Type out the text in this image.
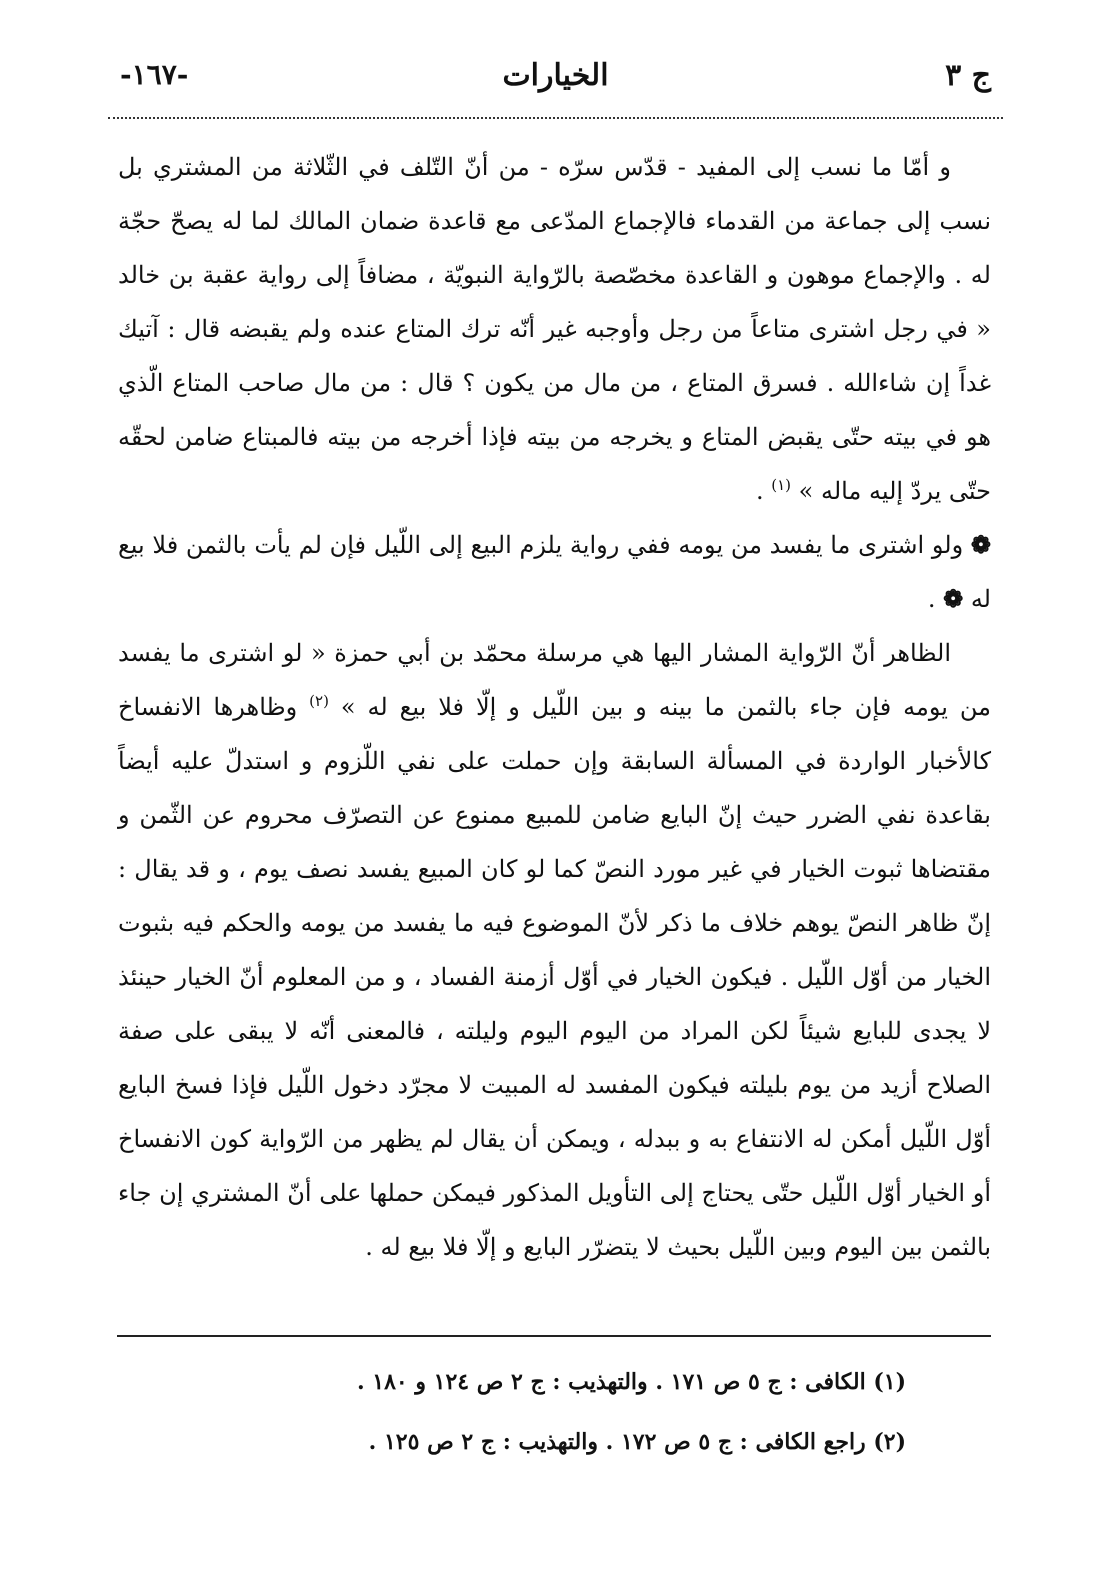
ج ٣
الخيارات
-١٦٧-

و أمّا ما نسب إلى المفيد - قدّس سرّه - من أنّ التّلف في الثّلاثة من المشتري بل نسب إلى جماعة من القدماء فالإجماع المدّعى مع قاعدة ضمان المالك لما له يصحّ حجّة له . والإجماع موهون و القاعدة مخصّصة بالرّواية النبويّة ، مضافاً إلى رواية عقبة بن خالد « في رجل اشترى متاعاً من رجل وأوجبه غير أنّه ترك المتاع عنده ولم يقبضه قال : آتيك غداً إن شاءالله . فسرق المتاع ، من مال من يكون ؟ قال : من مال صاحب المتاع الّذي هو في بيته حتّى يقبض المتاع و يخرجه من بيته فإذا أخرجه من بيته فالمبتاع ضامن لحقّه حتّى يردّ إليه ماله » $^{(١)}$ .

❁ ولو اشترى ما يفسد من يومه ففي رواية يلزم البيع إلى اللّيل فإن لم يأت بالثمن فلا بيع له ❁ .

الظاهر أنّ الرّواية المشار اليها هي مرسلة محمّد بن أبي حمزة « لو اشترى ما يفسد من يومه فإن جاء بالثمن ما بينه و بين اللّيل و إلّا فلا بيع له » $^{(٢)}$ وظاهرها الانفساخ كالأخبار الواردة في المسألة السابقة وإن حملت على نفي اللّزوم و استدلّ عليه أيضاً بقاعدة نفي الضرر حيث إنّ البايع ضامن للمبيع ممنوع عن التصرّف محروم عن الثّمن و مقتضاها ثبوت الخيار في غير مورد النصّ كما لو كان المبيع يفسد نصف يوم ، و قد يقال : إنّ ظاهر النصّ يوهم خلاف ما ذكر لأنّ الموضوع فيه ما يفسد من يومه والحكم فيه بثبوت الخيار من أوّل اللّيل . فيكون الخيار في أوّل أزمنة الفساد ، و من المعلوم أنّ الخيار حينئذ لا يجدى للبايع شيئاً لكن المراد من اليوم اليوم وليلته ، فالمعنى أنّه لا يبقى على صفة الصلاح أزيد من يوم بليلته فيكون المفسد له المبيت لا مجرّد دخول اللّيل فإذا فسخ البايع أوّل اللّيل أمكن له الانتفاع به و ببدله ، ويمكن أن يقال لم يظهر من الرّواية كون الانفساخ أو الخيار أوّل اللّيل حتّى يحتاج إلى التأويل المذكور فيمكن حملها على أنّ المشتري إن جاء بالثمن بين اليوم وبين اللّيل بحيث لا يتضرّر البايع و إلّا فلا بيع له .

(١) الكافى : ج ٥ ص ١٧١ . والتهذيب : ج ٢ ص ١٢٤ و ١٨٠ .

(٢) راجع الكافى : ج ٥ ص ١٧٢ . والتهذيب : ج ٢ ص ١٢٥ .
